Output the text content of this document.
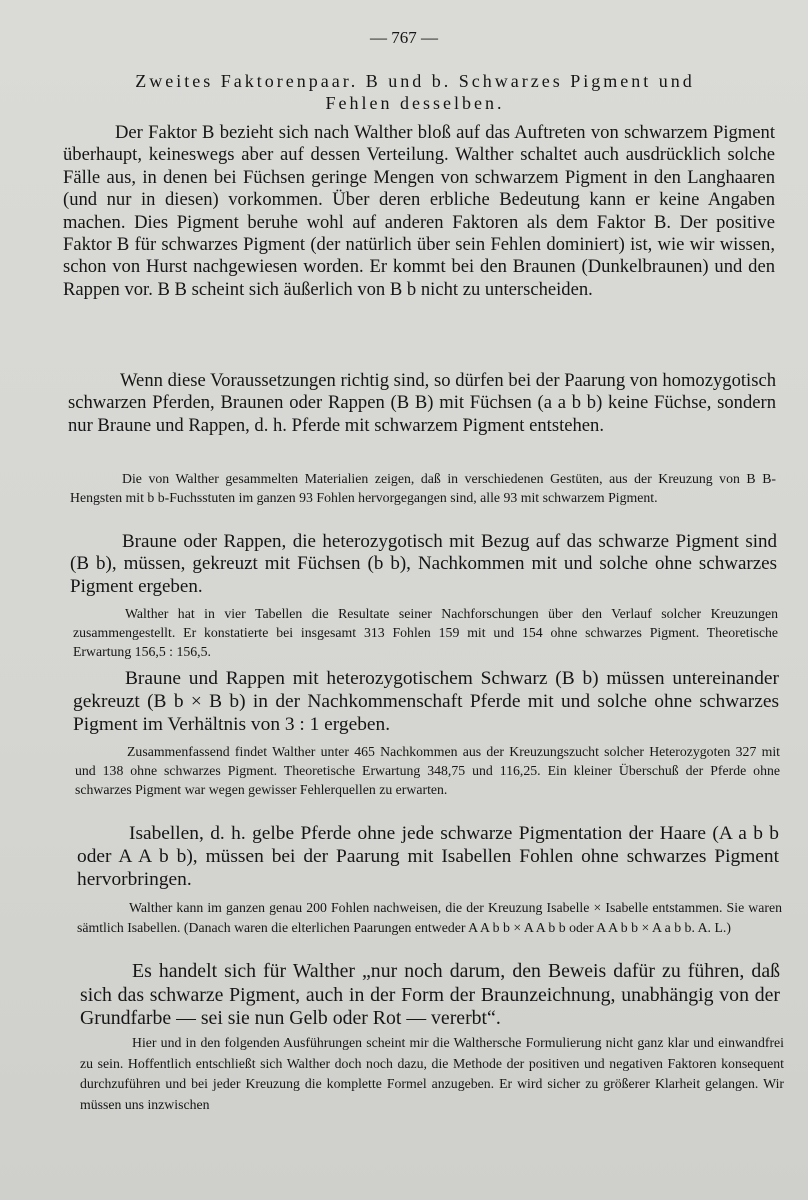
— 767 —
Zweites Faktorenpaar. B und b. Schwarzes Pigment und
Fehlen desselben.

Der Faktor B bezieht sich nach Walther bloß auf das Auftreten von schwarzem Pigment überhaupt, keineswegs aber auf dessen Verteilung. Walther schaltet auch ausdrücklich solche Fälle aus, in denen bei Füchsen geringe Mengen von schwarzem Pigment in den Langhaaren (und nur in diesen) vorkommen. Über deren erbliche Bedeutung kann er keine Angaben machen. Dies Pigment beruhe wohl auf anderen Faktoren als dem Faktor B. Der positive Faktor B für schwarzes Pigment (der natürlich über sein Fehlen dominiert) ist, wie wir wissen, schon von Hurst nachgewiesen worden. Er kommt bei den Braunen (Dunkelbraunen) und den Rappen vor. B B scheint sich äußerlich von B b nicht zu unterscheiden.

Wenn diese Voraussetzungen richtig sind, so dürfen bei der Paarung von homozygotisch schwarzen Pferden, Braunen oder Rappen (B B) mit Füchsen (a a b b) keine Füchse, sondern nur Braune und Rappen, d. h. Pferde mit schwarzem Pigment entstehen.

Die von Walther gesammelten Materialien zeigen, daß in verschiedenen Gestüten, aus der Kreuzung von B B-Hengsten mit b b-Fuchsstuten im ganzen 93 Fohlen hervorgegangen sind, alle 93 mit schwarzem Pigment.

Braune oder Rappen, die heterozygotisch mit Bezug auf das schwarze Pigment sind (B b), müssen, gekreuzt mit Füchsen (b b), Nachkommen mit und solche ohne schwarzes Pigment ergeben.

Walther hat in vier Tabellen die Resultate seiner Nachforschungen über den Verlauf solcher Kreuzungen zusammengestellt. Er konstatierte bei insgesamt 313 Fohlen 159 mit und 154 ohne schwarzes Pigment. Theoretische Erwartung 156,5 : 156,5.

Braune und Rappen mit heterozygotischem Schwarz (B b) müssen untereinander gekreuzt (B b × B b) in der Nachkommenschaft Pferde mit und solche ohne schwarzes Pigment im Verhältnis von 3 : 1 ergeben.

Zusammenfassend findet Walther unter 465 Nachkommen aus der Kreuzungszucht solcher Heterozygoten 327 mit und 138 ohne schwarzes Pigment. Theoretische Erwartung 348,75 und 116,25. Ein kleiner Überschuß der Pferde ohne schwarzes Pigment war wegen gewisser Fehlerquellen zu erwarten.

Isabellen, d. h. gelbe Pferde ohne jede schwarze Pigmentation der Haare (A a b b oder A A b b), müssen bei der Paarung mit Isabellen Fohlen ohne schwarzes Pigment hervorbringen.

Walther kann im ganzen genau 200 Fohlen nachweisen, die der Kreuzung Isabelle × Isabelle entstammen. Sie waren sämtlich Isabellen. (Danach waren die elterlichen Paarungen entweder A A b b × A A b b oder A A b b × A a b b. A. L.)

Es handelt sich für Walther „nur noch darum, den Beweis dafür zu führen, daß sich das schwarze Pigment, auch in der Form der Braunzeichnung, unabhängig von der Grundfarbe — sei sie nun Gelb oder Rot — vererbt“.

Hier und in den folgenden Ausführungen scheint mir die Walthersche Formulierung nicht ganz klar und einwandfrei zu sein. Hoffentlich entschließt sich Walther doch noch dazu, die Methode der positiven und negativen Faktoren konsequent durchzuführen und bei jeder Kreuzung die komplette Formel anzugeben. Er wird sicher zu größerer Klarheit gelangen. Wir müssen uns inzwischen
